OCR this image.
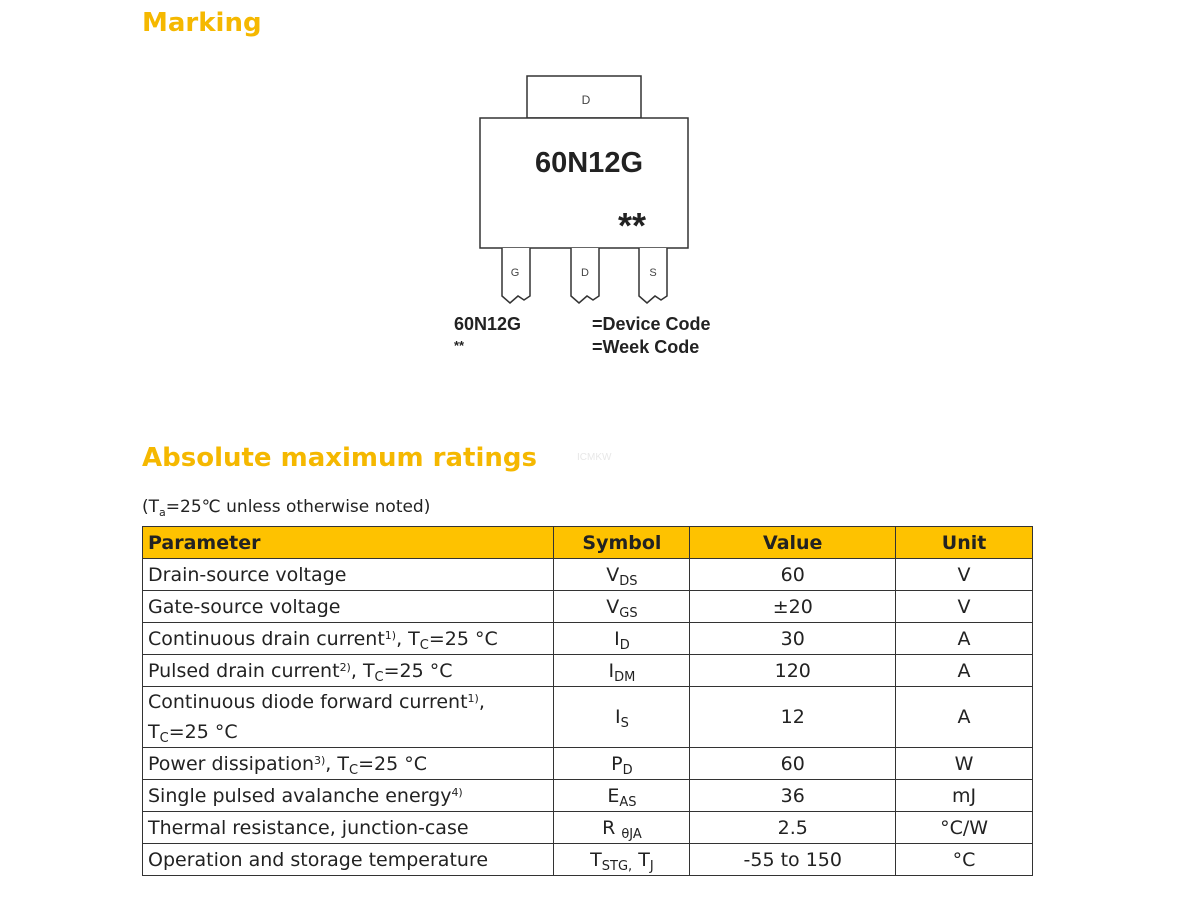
Marking
D
60N12G
**
G	D	S
60N12G	=Device Code
**	=Week Code
Absolute maximum ratings	ICMKW
($T_a=25℃$ unless otherwise noted)
Parameter	Symbol	Value	Unit
Drain-source voltage	$V_{DS}$	60	V
Gate-source voltage	$V_{GS}$	±20	V
Continuous drain current$^{1)}$, $T_C=25$ °C	$I_D$	30	A
Pulsed drain current$^{2)}$, $T_C=25$ °C	$I_{DM}$	120	A
Continuous diode forward current$^{1)}$, $T_C=25$ °C	$I_S$	12	A
Power dissipation$^{3)}$, $T_C=25$ °C	$P_D$	60	W
Single pulsed avalanche energy$^{4)}$	$E_{AS}$	36	mJ
Thermal resistance, junction-case	R $_{\theta JA}$	2.5	°C/W
Operation and storage temperature	$T_{STG,}$ $T_J$	-55 to 150	°C
